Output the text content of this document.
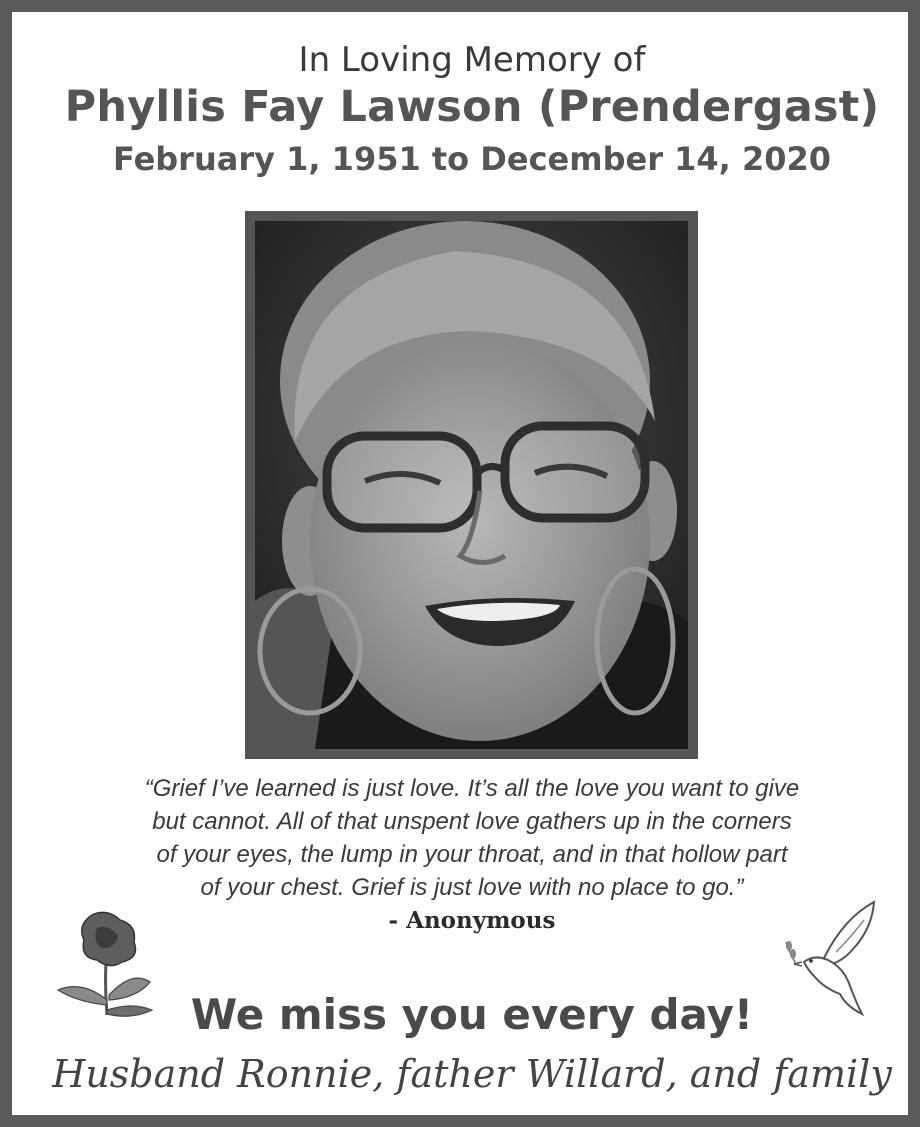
In Loving Memory of
Phyllis Fay Lawson (Prendergast)
February 1, 1951 to December 14, 2020
“Grief I’ve learned is just love. It’s all the love you want to give
but cannot. All of that unspent love gathers up in the corners
of your eyes, the lump in your throat, and in that hollow part
of your chest. Grief is just love with no place to go.”
- Anonymous
We miss you every day!
Husband Ronnie, father Willard, and family
